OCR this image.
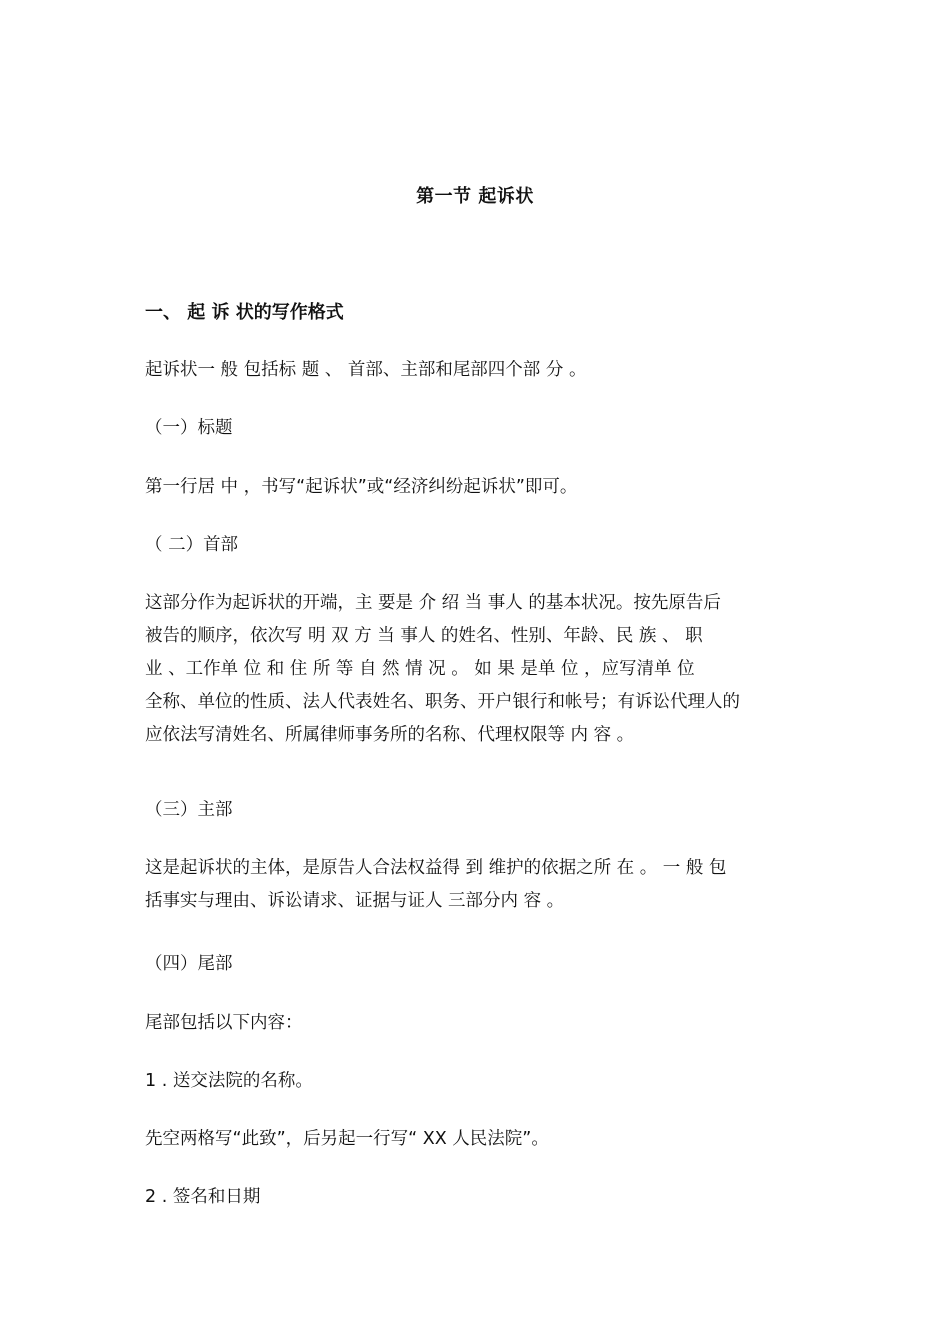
第一节 起诉状
一、 起 诉 状的写作格式
起诉状一 般 包括标 题 、 首部、主部和尾部四个部 分 。
（一）标题
第一行居 中 ，书写“起诉状”或“经济纠纷起诉状”即可。
（ 二）首部
这部分作为起诉状的开端，主 要是 介 绍 当 事人 的基本状况。按先原告后
被告的顺序，依次写 明 双 方 当 事人 的姓名、性别、年龄、民 族 、 职
业 、工作单 位 和 住 所 等 自 然 情 况 。 如 果 是单 位 ，应写清单 位
全称、单位的性质、法人代表姓名、职务、开户银行和帐号；有诉讼代理人的
应依法写清姓名、所属律师事务所的名称、代理权限等 内 容 。
（三）主部
这是起诉状的主体，是原告人合法权益得 到 维护的依据之所 在 。 一 般 包
括事实与理由、诉讼请求、证据与证人 三部分内 容 。
（四）尾部
尾部包括以下内容：
1 . 送交法院的名称。
先空两格写“此致”，后另起一行写“ XX 人民法院”。
2 . 签名和日期
